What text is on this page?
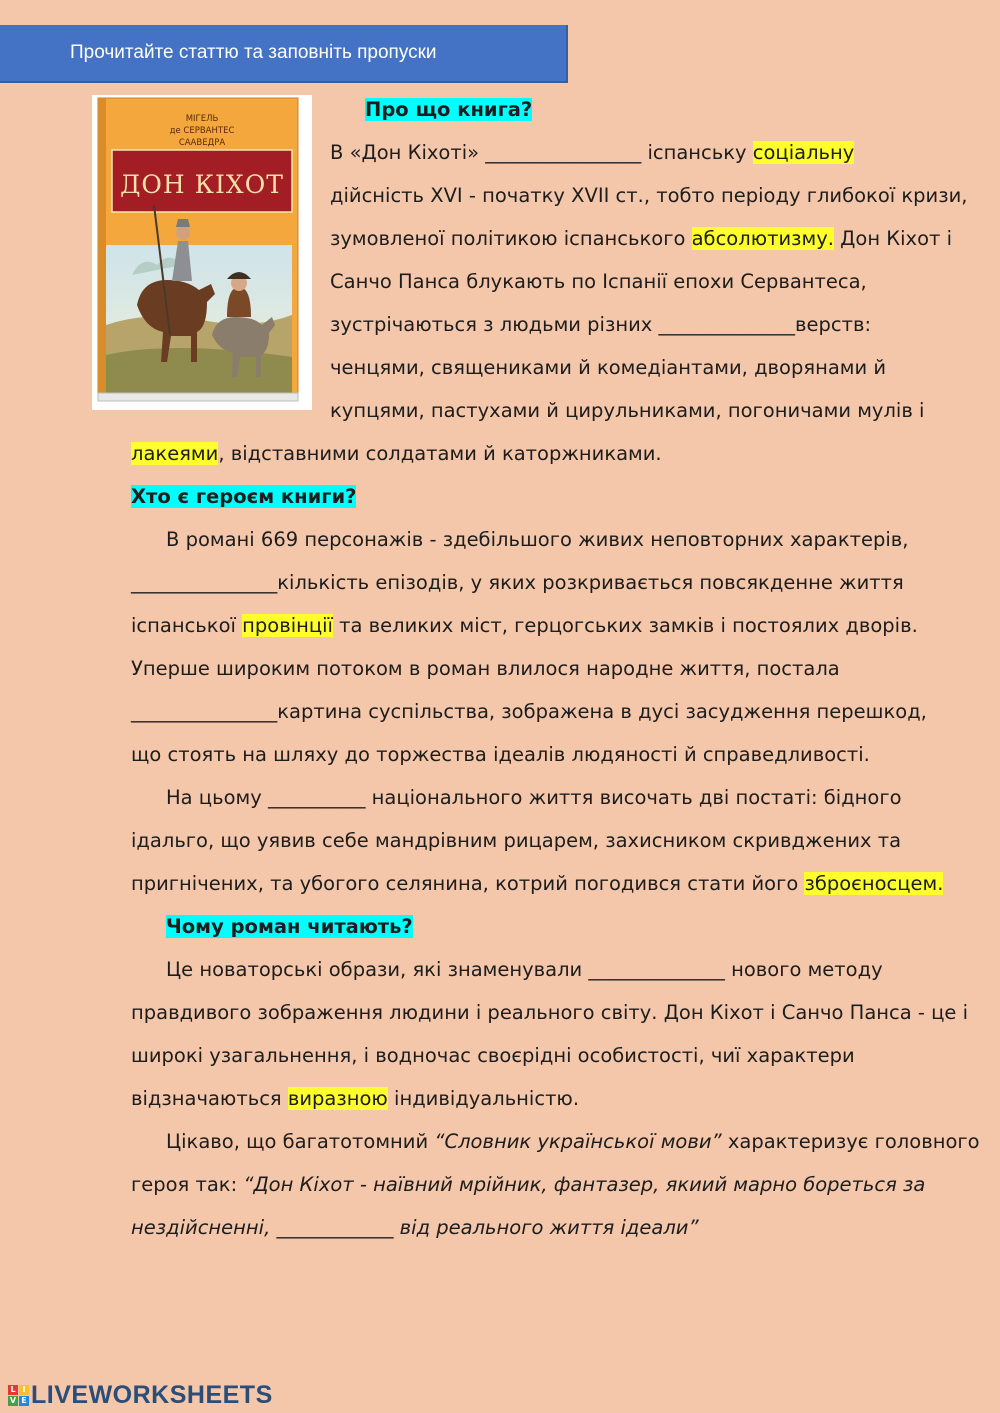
Прочитайте статтю та заповніть пропуски
ДОН КІХОТ
МІГЕЛЬ
де СЕРВАНТЕС
СААВЕДРА
Про що книга?
В «Дон Кіхоті» ________________ іспанську соціальну
дійсність XVI - початку XVII ст., тобто періоду глибокої кризи,
зумовленої політикою іспанського абсолютизму. Дон Кіхот і
Санчо Панса блукають по Іспанії епохи Сервантеса,
зустрічаються з людьми різних ______________верств:
ченцями, священиками й комедіантами, дворянами й
купцями, пастухами й цирульниками, погоничами мулів і
лакеями, відставними солдатами й каторжниками.
Хто є героєм книги?
В романі 669 персонажів - здебільшого живих неповторних характерів,
_______________кількість епізодів, у яких розкривається повсякденне життя
іспанської провінції та великих міст, герцогських замків і постоялих дворів.
Уперше широким потоком в роман влилося народне життя, постала
_______________картина суспільства, зображена в дусі засудження перешкод,
що стоять на шляху до торжества ідеалів людяності й справедливості.
На цьому __________ національного життя височать дві постаті: бідного
ідальго, що уявив себе мандрівним рицарем, захисником скривджених та
пригнічених, та убогого селянина, котрий погодився стати його зброєносцем.
Чому роман читають?
Це новаторські образи, які знаменували ______________ нового методу
правдивого зображення людини і реального світу. Дон Кіхот і Санчо Панса - це і
широкі узагальнення, і водночас своєрідні особистості, чиї характери
відзначаються виразною індивідуальністю.
Цікаво, що багатотомний “Словник української мови” характеризує головного
героя так: “Дон Кіхот - наївний мрійник, фантазер, якиий марно бореться за
нездійсненні, ____________ від реального життя ідеали”
L I
V E LIVEWORKSHEETS
